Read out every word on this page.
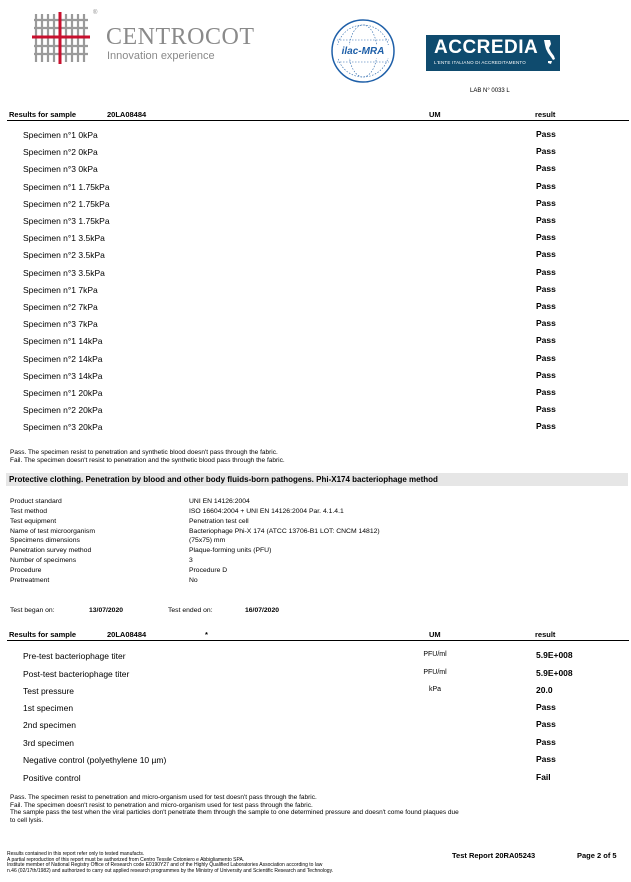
®
CENTROCOT
Innovation experience	ilac-MRA	ACCREDIA
L'ENTE ITALIANO DI ACCREDITAMENTO
LAB N° 0033 L
Results for sample	20LA08484	UM	result
Specimen n°1 0kPa	Pass
Specimen n°2 0kPa	Pass
Specimen n°3 0kPa	Pass
Specimen n°1 1.75kPa	Pass
Specimen n°2 1.75kPa	Pass
Specimen n°3 1.75kPa	Pass
Specimen n°1 3.5kPa	Pass
Specimen n°2 3.5kPa	Pass
Specimen n°3 3.5kPa	Pass
Specimen n°1 7kPa	Pass
Specimen n°2 7kPa	Pass
Specimen n°3 7kPa	Pass
Specimen n°1 14kPa	Pass
Specimen n°2 14kPa	Pass
Specimen n°3 14kPa	Pass
Specimen n°1 20kPa	Pass
Specimen n°2 20kPa	Pass
Specimen n°3 20kPa	Pass
Pass. The specimen resist to penetration and synthetic blood doesn't pass through the fabric.
Fail. The specimen doesn't resist to penetration and the synthetic blood pass through the fabric.
Protective clothing. Penetration by blood and other body fluids-born pathogens. Phi-X174 bacteriophage method
Product standard	UNI EN 14126:2004
Test method	ISO 16604:2004 + UNI EN 14126:2004 Par. 4.1.4.1
Test equipment	Penetration test cell
Name of test microorganism	Bacteriophage Phi-X 174 (ATCC 13706-B1 LOT: CNCM 14812)
Specimens dimensions	(75x75) mm
Penetration survey method	Plaque-forming units (PFU)
Number of specimens	3
Procedure	Procedure D
Pretreatment	No
Test began on:	13/07/2020	Test ended on:	16/07/2020
Results for sample	20LA08484	*	UM	result
Pre-test bacteriophage titer	PFU/ml	5.9E+008
Post-test bacteriophage titer	PFU/ml	5.9E+008
Test pressure	kPa	20.0
1st specimen	Pass
2nd specimen	Pass
3rd specimen	Pass
Negative control (polyethylene 10 µm)	Pass
Positive control	Fail
Pass. The specimen resist to penetration and micro-organism used for test doesn't pass through the fabric.
Fail. The specimen doesn't resist to penetration and micro-organism used for test pass through the fabric.
The sample pass the test when the viral particles don't penetrate them through the sample to one determined pressure and doesn't come found plaques due
to cell lysis.
Results contained in this report refer only to tested manufacts.
A partial reproduction of this report must be authorized from Centro Tessile Cotoniero e Abbigliamento SPA.
Institute member of National Registry Office of Research code E0190Y27 and of the Highly Qualified Laboratories Association according to law
n.46 (02/17th/1982) and authorized to carry out applied research programmes by the Ministry of University and Scientific Research and Technology.
Test Report 20RA05243	Page 2 of 5
